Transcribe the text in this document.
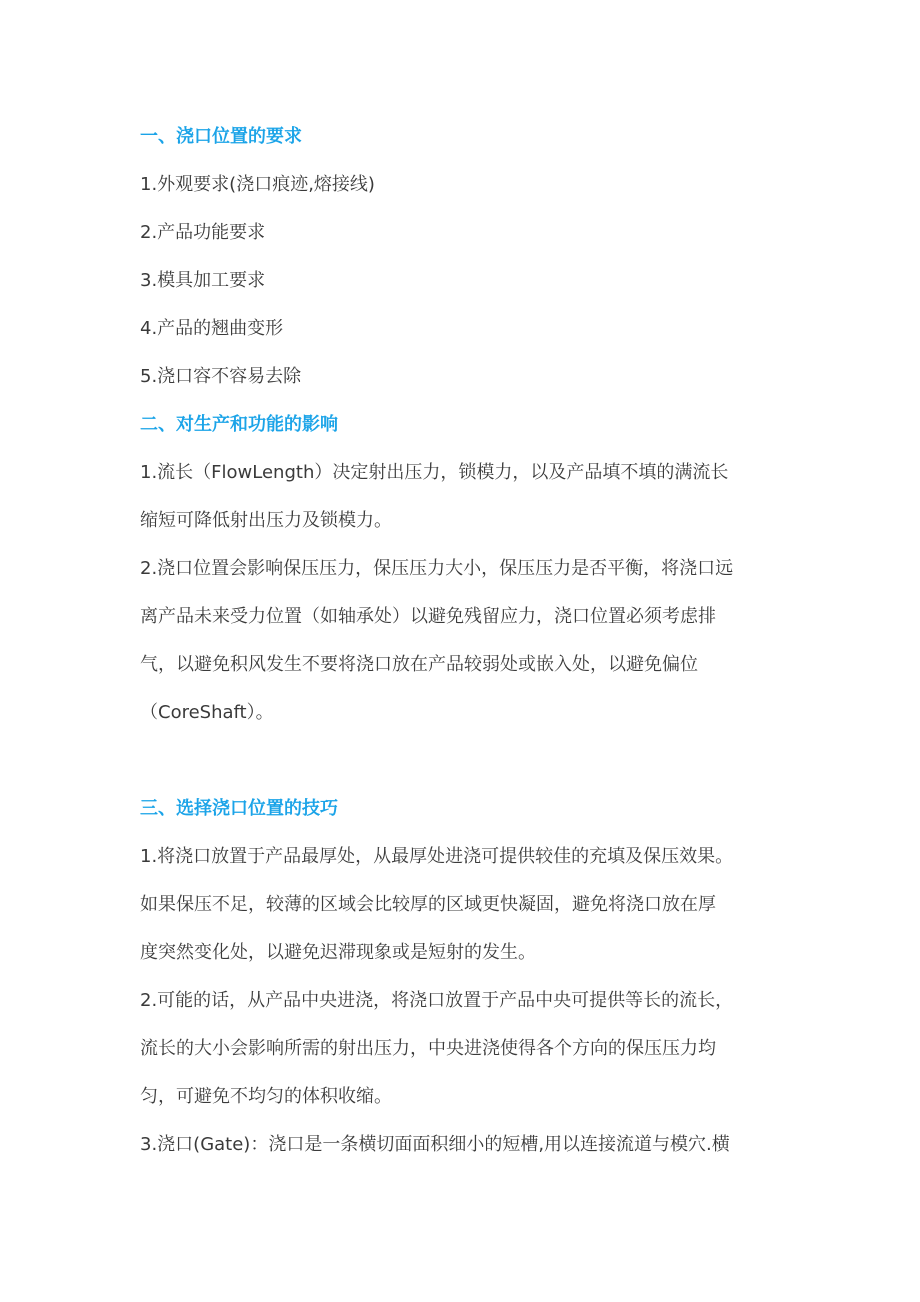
一、浇口位置的要求

1.外观要求(浇口痕迹,熔接线)

2.产品功能要求

3.模具加工要求

4.产品的翘曲变形

5.浇口容不容易去除

二、对生产和功能的影响

1.流长（FlowLength）决定射出压力，锁模力，以及产品填不填的满流长

缩短可降低射出压力及锁模力。

2.浇口位置会影响保压压力，保压压力大小，保压压力是否平衡，将浇口远

离产品未来受力位置（如轴承处）以避免残留应力，浇口位置必须考虑排

气，以避免积风发生不要将浇口放在产品较弱处或嵌入处，以避免偏位

（CoreShaft）。

三、选择浇口位置的技巧

1.将浇口放置于产品最厚处，从最厚处进浇可提供较佳的充填及保压效果。

如果保压不足，较薄的区域会比较厚的区域更快凝固，避免将浇口放在厚

度突然变化处，以避免迟滞现象或是短射的发生。

2.可能的话，从产品中央进浇，将浇口放置于产品中央可提供等长的流长，

流长的大小会影响所需的射出压力，中央进浇使得各个方向的保压压力均

匀，可避免不均匀的体积收缩。

3.浇口(Gate)：浇口是一条横切面面积细小的短槽,用以连接流道与模穴.横
